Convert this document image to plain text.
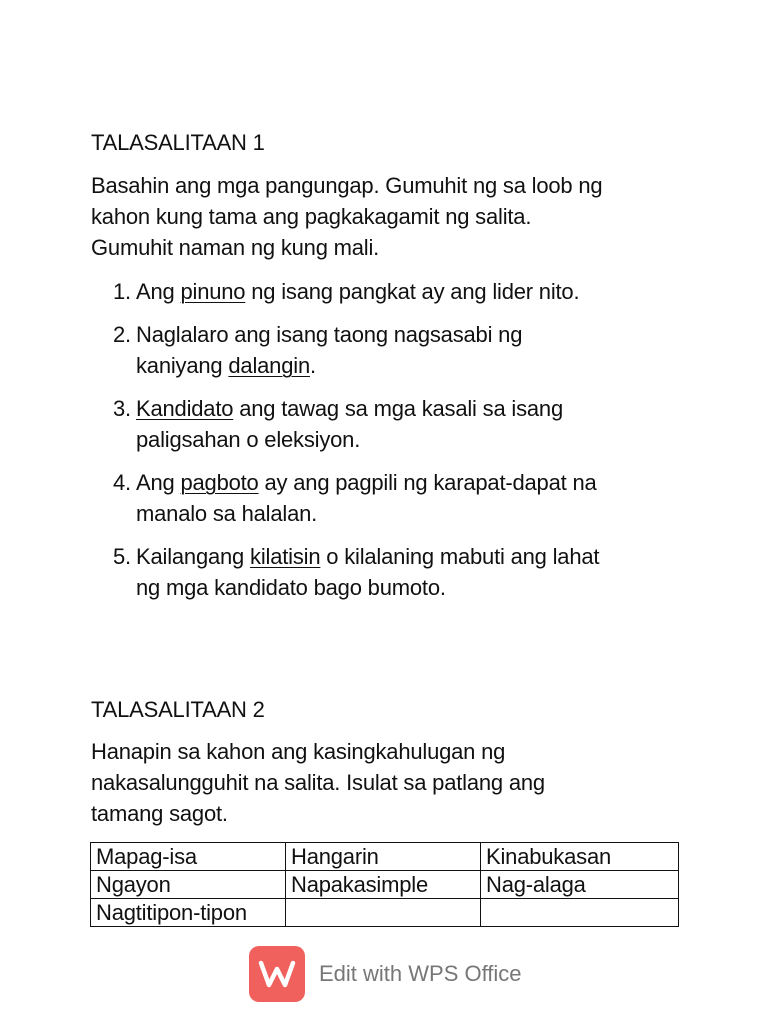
TALASALITAAN 1
Basahin ang mga pangungap. Gumuhit ng sa loob ng
kahon kung tama ang pagkakagamit ng salita.
Gumuhit naman ng kung mali.
1. Ang pinuno ng isang pangkat ay ang lider nito.
2. Naglalaro ang isang taong nagsasabi ng
kaniyang dalangin.
3. Kandidato ang tawag sa mga kasali sa isang
paligsahan o eleksiyon.
4. Ang pagboto ay ang pagpili ng karapat-dapat na
manalo sa halalan.
5. Kailangang kilatisin o kilalaning mabuti ang lahat
ng mga kandidato bago bumoto.
TALASALITAAN 2
Hanapin sa kahon ang kasingkahulugan ng
nakasalungguhit na salita. Isulat sa patlang ang
tamang sagot.
Mapag-isa	Hangarin	Kinabukasan
Ngayon	Napakasimple	Nag-alaga
Nagtitipon-tipon		
Edit with WPS Office
